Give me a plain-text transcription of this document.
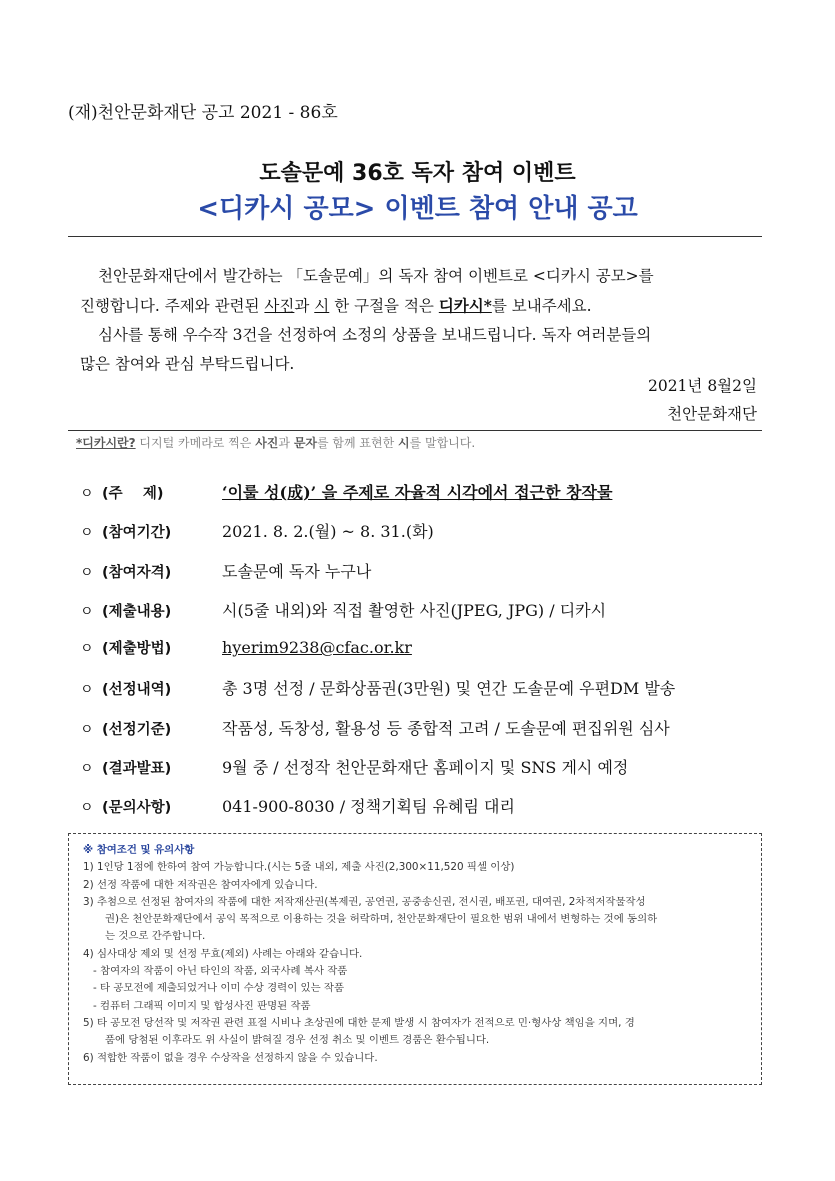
(재)천안문화재단 공고 2021 - 86호
도솔문예 36호 독자 참여 이벤트
<디카시 공모> 이벤트 참여 안내 공고

천안문화재단에서 발간하는 「도솔문예」의 독자 참여 이벤트로 <디카시 공모>를

진행합니다. 주제와 관련된 사진과 시 한 구절을 적은 디카시*를 보내주세요.

심사를 통해 우수작 3건을 선정하여 소정의 상품을 보내드립니다. 독자 여러분들의

많은 참여와 관심 부탁드립니다.

2021년 8월2일
천안문화재단
*디카시란? 디지털 카메라로 찍은 사진과 문자를 함께 표현한 시를 말합니다.
ㅇ (주    제)	‘이룰 성(成)’ 을 주제로 자율적 시각에서 접근한 창작물
ㅇ (참여기간)	2021. 8. 2.(월) ~ 8. 31.(화)
ㅇ (참여자격)	도솔문예 독자 누구나
ㅇ (제출내용)	시(5줄 내외)와 직접 촬영한 사진(JPEG, JPG) / 디카시
ㅇ (제출방법)	hyerim9238@cfac.or.kr
ㅇ (선정내역)	총 3명 선정 / 문화상품권(3만원) 및 연간 도솔문예 우편DM 발송
ㅇ (선정기준)	작품성, 독창성, 활용성 등 종합적 고려 / 도솔문예 편집위원 심사
ㅇ (결과발표)	9월 중 / 선정작 천안문화재단 홈페이지 및 SNS 게시 예정
ㅇ (문의사항)	041-900-8030 / 정책기획팀 유혜림 대리
※ 참여조건 및 유의사항
1) 1인당 1점에 한하여 참여 가능합니다.(시는 5줄 내외, 제출 사진(2,300×11,520 픽셀 이상)
2) 선정 작품에 대한 저작권은 참여자에게 있습니다.
3) 추첨으로 선정된 참여자의 작품에 대한 저작재산권(복제권, 공연권, 공중송신권, 전시권, 배포권, 대여권, 2차적저작물작성
권)은 천안문화재단에서 공익 목적으로 이용하는 것을 허락하며, 천안문화재단이 필요한 범위 내에서 변형하는 것에 동의하
는 것으로 간주합니다.
4) 심사대상 제외 및 선정 무효(제외) 사례는 아래와 같습니다.
- 참여자의 작품이 아닌 타인의 작품, 외국사례 복사 작품
- 타 공모전에 제출되었거나 이미 수상 경력이 있는 작품
- 컴퓨터 그래픽 이미지 및 합성사진 판명된 작품
5) 타 공모전 당선작 및 저작권 관련 표절 시비나 초상권에 대한 문제 발생 시 참여자가 전적으로 민·형사상 책임을 지며, 경
품에 당첨된 이후라도 위 사실이 밝혀질 경우 선정 취소 및 이벤트 경품은 환수됩니다.
6) 적합한 작품이 없을 경우 수상작을 선정하지 않을 수 있습니다.
